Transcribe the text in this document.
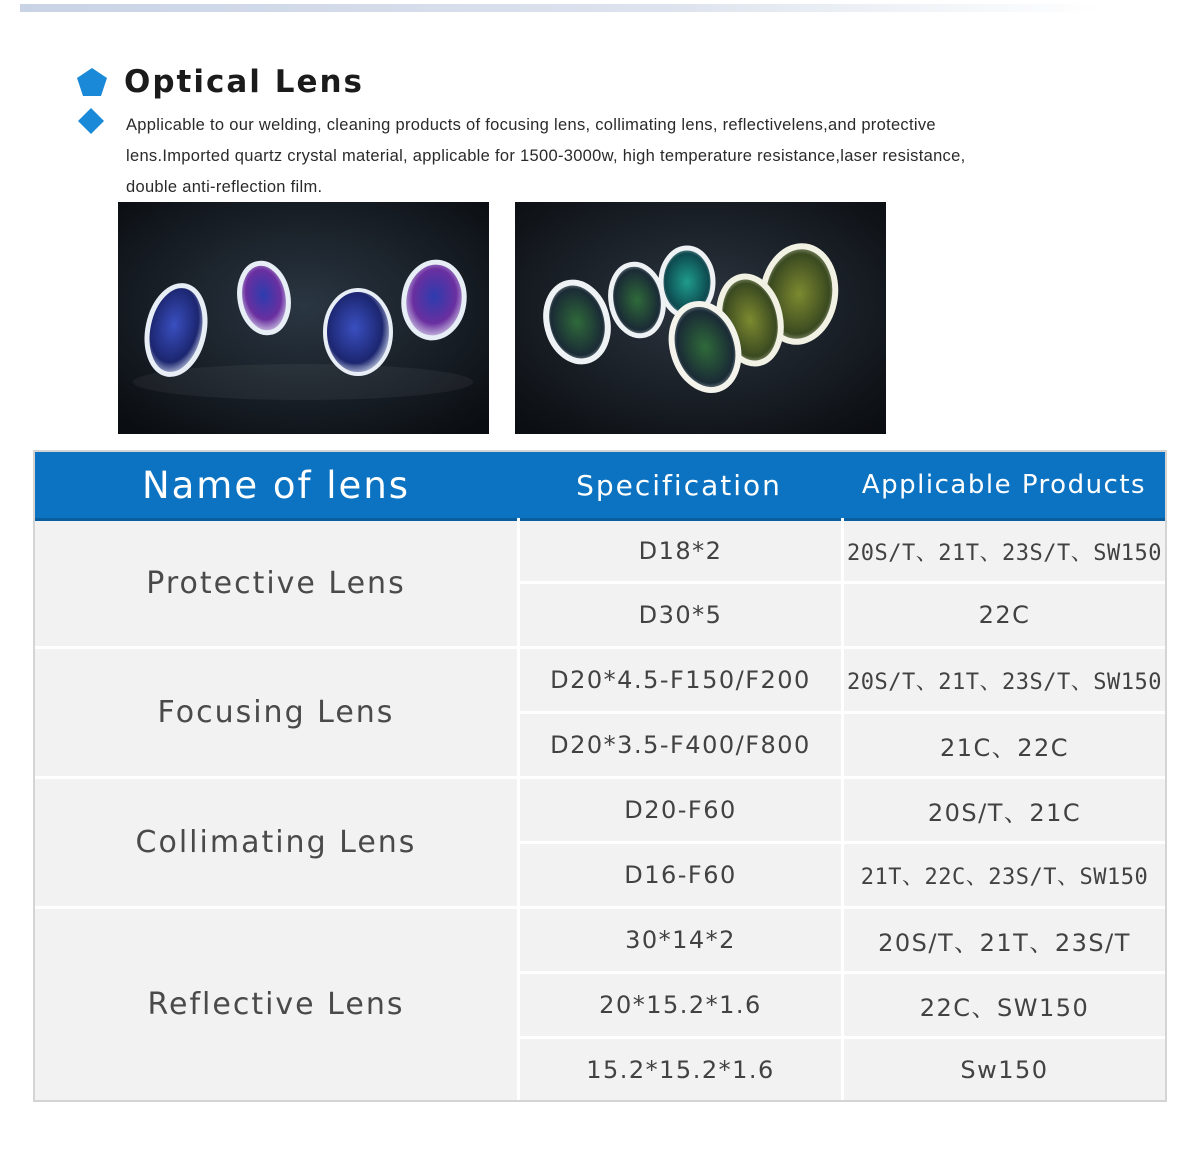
Optical Lens
Applicable to our welding, cleaning products of focusing lens, collimating lens, reflectivelens,and protective lens.Imported quartz crystal material, applicable for 1500-3000w, high temperature resistance,laser resistance, double anti-reflection film.
Name of lens	Specification	Applicable Products
Protective Lens
D18*2	20S/T、21T、23S/T、SW150
D30*5	22C
Focusing Lens
D20*4.5-F150/F200	20S/T、21T、23S/T、SW150
D20*3.5-F400/F800	21C、22C
Collimating Lens
D20-F60	20S/T、21C
D16-F60	21T、22C、23S/T、SW150
Reflective Lens
30*14*2	20S/T、21T、23S/T
20*15.2*1.6	22C、SW150
15.2*15.2*1.6	Sw150
